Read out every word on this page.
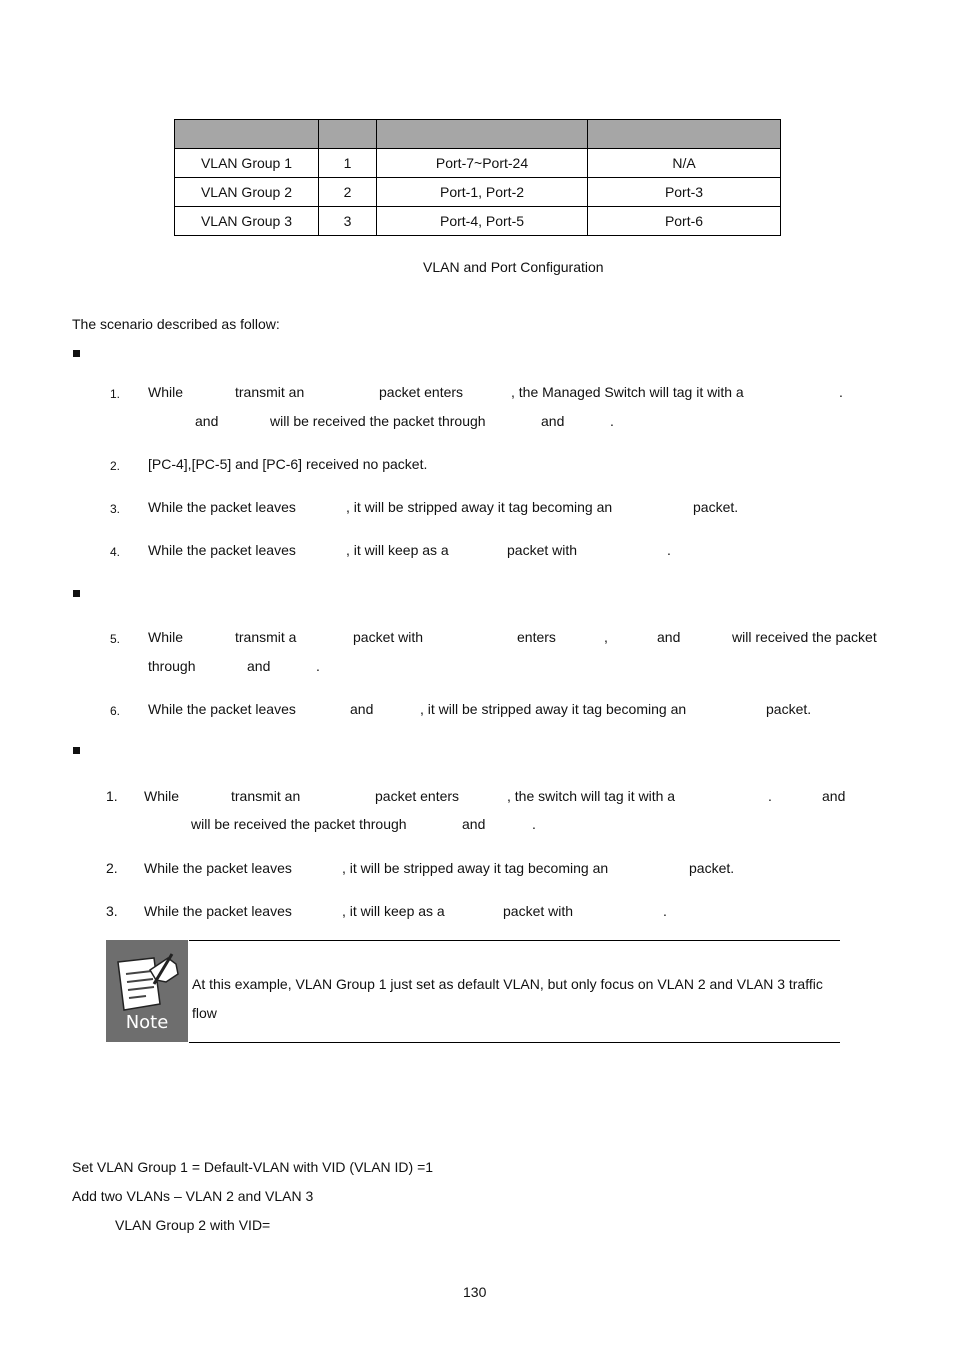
VLAN Group 1	1	Port-7~Port-24	N/A
VLAN Group 2	2	Port-1, Port-2	Port-3
VLAN Group 3	3	Port-4, Port-5	Port-6
VLAN and Port Configuration
The scenario described as follow:
1. While	transmit an	packet enters	, the Managed Switch will tag it with a	.
and	will be received the packet through	and	.
2. [PC-4],[PC-5] and [PC-6] received no packet.
3. While the packet leaves	, it will be stripped away it tag becoming an	packet.
4. While the packet leaves	, it will keep as a	packet with	.
5. While	transmit a	packet with	enters	,	and	will received the packet
through	and	.
6. While the packet leaves	and	, it will be stripped away it tag becoming an	packet.
1. While	transmit an	packet enters	, the switch will tag it with a	.	and
will be received the packet through	and	.
2. While the packet leaves	, it will be stripped away it tag becoming an	packet.
3. While the packet leaves	, it will keep as a	packet with	.
Note
At this example, VLAN Group 1 just set as default VLAN, but only focus on VLAN 2 and VLAN 3 traffic
flow
Set VLAN Group 1 = Default-VLAN with VID (VLAN ID) =1
Add two VLANs – VLAN 2 and VLAN 3
VLAN Group 2 with VID=
130
